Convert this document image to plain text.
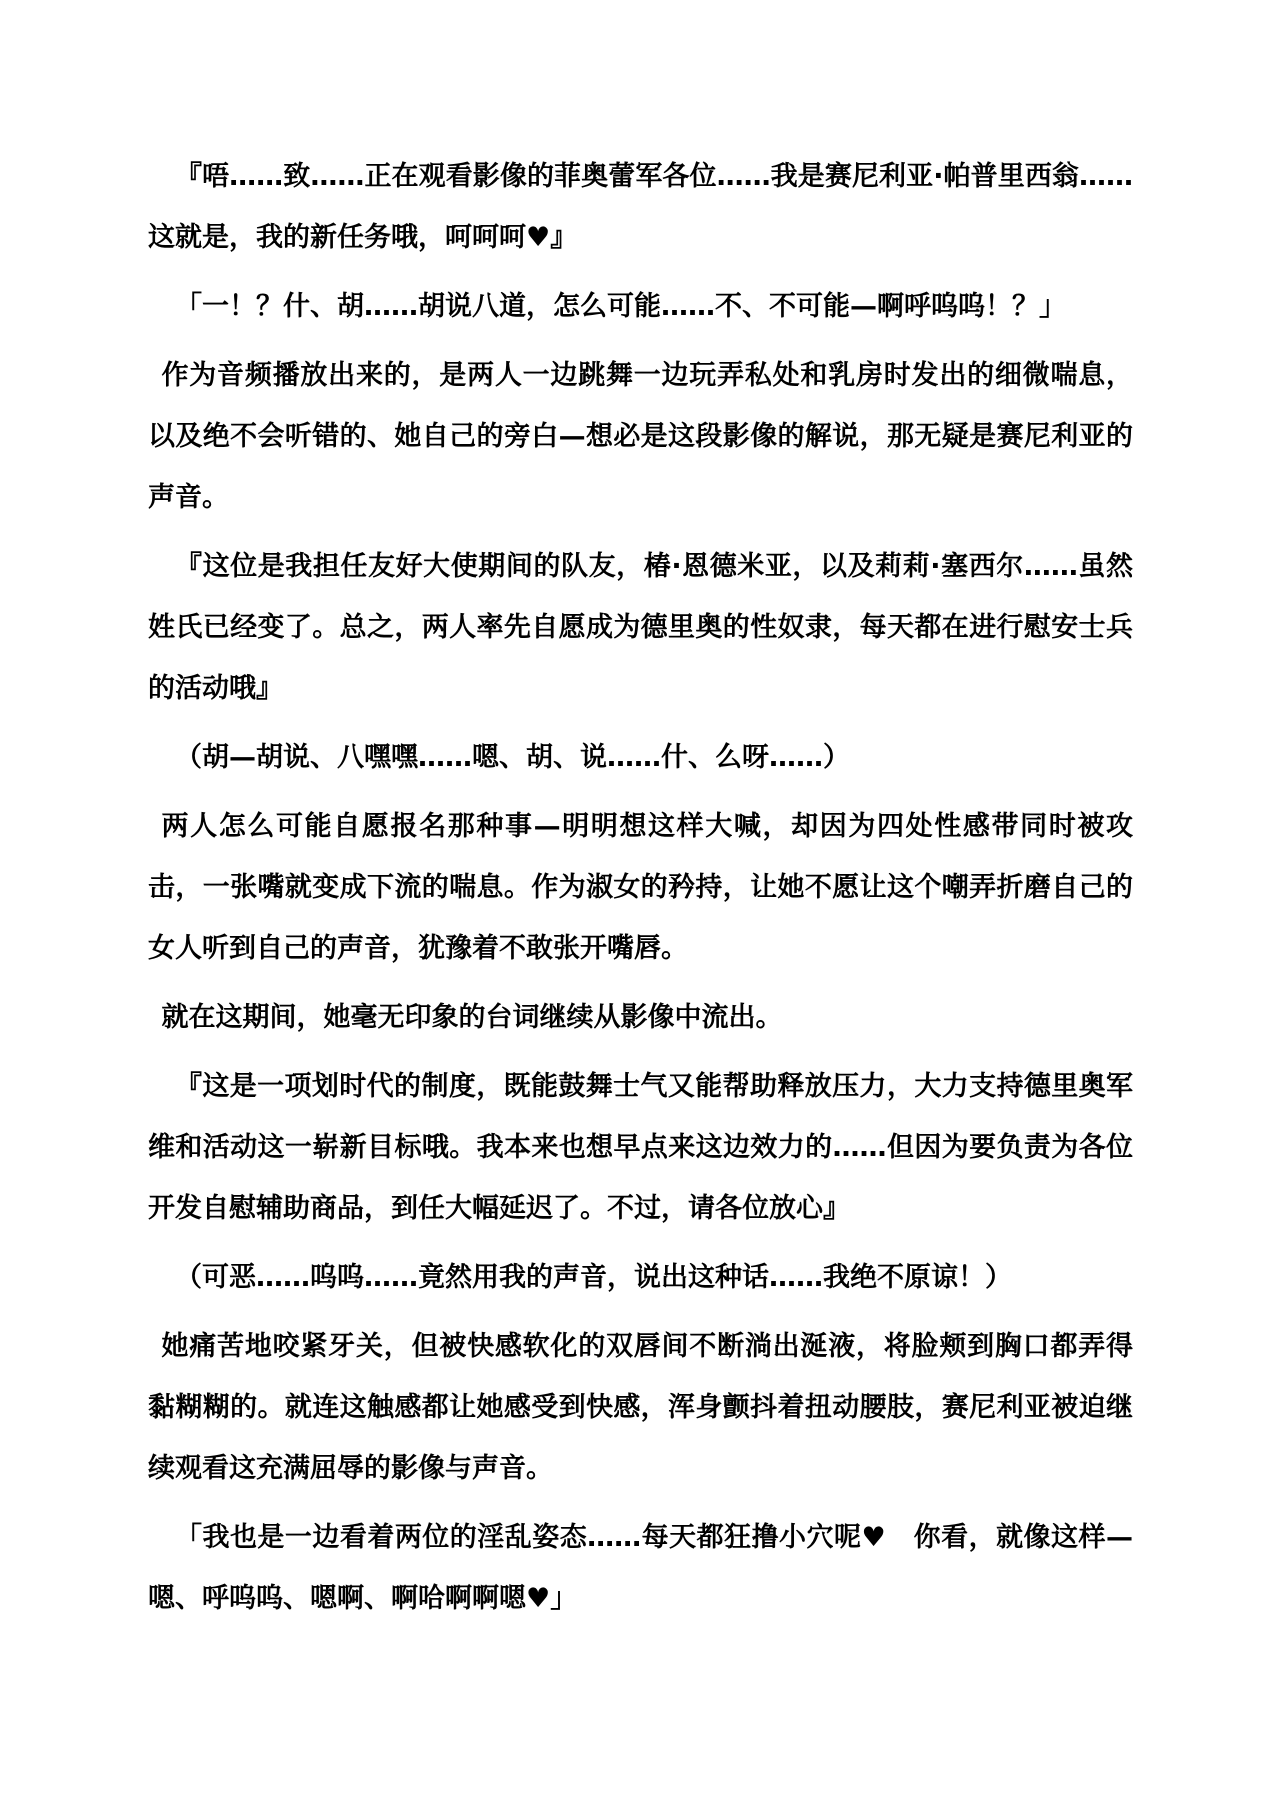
『唔……致……正在观看影像的菲奥蕾军各位……我是赛尼利亚·帕普里西翁……这就是，我的新任务哦，呵呵呵♥』

「一！？什、胡……胡说八道，怎么可能……不、不可能—啊呼呜呜！？」

作为音频播放出来的，是两人一边跳舞一边玩弄私处和乳房时发出的细微喘息，以及绝不会听错的、她自己的旁白—想必是这段影像的解说，那无疑是赛尼利亚的声音。

『这位是我担任友好大使期间的队友，椿·恩德米亚，以及莉莉·塞西尔……虽然姓氏已经变了。总之，两人率先自愿成为德里奥的性奴隶，每天都在进行慰安士兵的活动哦』

（胡—胡说、八嘿嘿……嗯、胡、说……什、么呀……）

两人怎么可能自愿报名那种事—明明想这样大喊，却因为四处性感带同时被攻击，一张嘴就变成下流的喘息。作为淑女的矜持，让她不愿让这个嘲弄折磨自己的女人听到自己的声音，犹豫着不敢张开嘴唇。

就在这期间，她毫无印象的台词继续从影像中流出。

『这是一项划时代的制度，既能鼓舞士气又能帮助释放压力，大力支持德里奥军维和活动这一崭新目标哦。我本来也想早点来这边效力的……但因为要负责为各位开发自慰辅助商品，到任大幅延迟了。不过，请各位放心』

（可恶……呜呜……竟然用我的声音，说出这种话……我绝不原谅！）

她痛苦地咬紧牙关，但被快感软化的双唇间不断淌出涎液，将脸颊到胸口都弄得黏糊糊的。就连这触感都让她感受到快感，浑身颤抖着扭动腰肢，赛尼利亚被迫继续观看这充满屈辱的影像与声音。

「我也是一边看着两位的淫乱姿态……每天都狂撸小穴呢♥　你看，就像这样—嗯、呼呜呜、嗯啊、啊哈啊啊嗯♥」
